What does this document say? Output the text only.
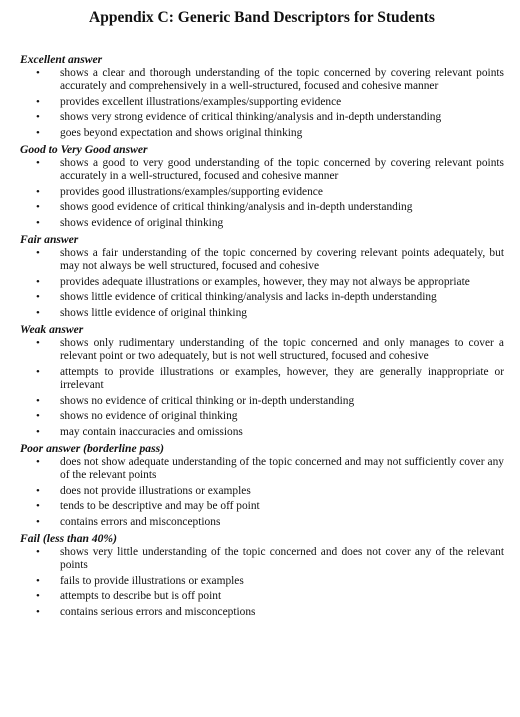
Appendix C: Generic Band Descriptors for Students

Excellent answer

• shows a clear and thorough understanding of the topic concerned by covering relevant points accurately and comprehensively in a well-structured, focused and cohesive manner
• provides excellent illustrations/examples/supporting evidence
• shows very strong evidence of critical thinking/analysis and in-depth understanding
• goes beyond expectation and shows original thinking

Good to Very Good answer

• shows a good to very good understanding of the topic concerned by covering relevant points accurately in a well-structured, focused and cohesive manner
• provides good illustrations/examples/supporting evidence
• shows good evidence of critical thinking/analysis and in-depth understanding
• shows evidence of original thinking

Fair answer

• shows a fair understanding of the topic concerned by covering relevant points adequately, but may not always be well structured, focused and cohesive
• provides adequate illustrations or examples, however, they may not always be appropriate
• shows little evidence of critical thinking/analysis and lacks in-depth understanding
• shows little evidence of original thinking

Weak answer

• shows only rudimentary understanding of the topic concerned and only manages to cover a relevant point or two adequately, but is not well structured, focused and cohesive
• attempts to provide illustrations or examples, however, they are generally inappropriate or irrelevant
• shows no evidence of critical thinking or in-depth understanding
• shows no evidence of original thinking
• may contain inaccuracies and omissions

Poor answer (borderline pass)

• does not show adequate understanding of the topic concerned and may not sufficiently cover any of the relevant points
• does not provide illustrations or examples
• tends to be descriptive and may be off point
• contains errors and misconceptions

Fail (less than 40%)

• shows very little understanding of the topic concerned and does not cover any of the relevant points
• fails to provide illustrations or examples
• attempts to describe but is off point
• contains serious errors and misconceptions
